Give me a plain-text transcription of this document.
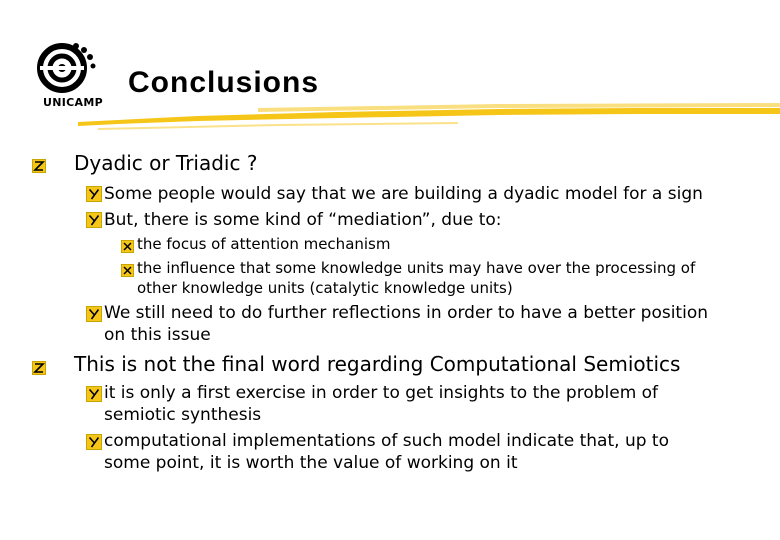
UNICAMP
Conclusions
Dyadic or Triadic ?
Some people would say that we are building a dyadic model for a sign
But, there is some kind of “mediation”, due to:
the focus of attention mechanism
the influence that some knowledge units may have over the processing of
other knowledge units (catalytic knowledge units)
We still need to do further reflections in order to have a better position
on this issue
This is not the final word regarding Computational Semiotics
it is only a first exercise in order to get insights to the problem of
semiotic synthesis
computational implementations of such model indicate that, up to
some point, it is worth the value of working on it
